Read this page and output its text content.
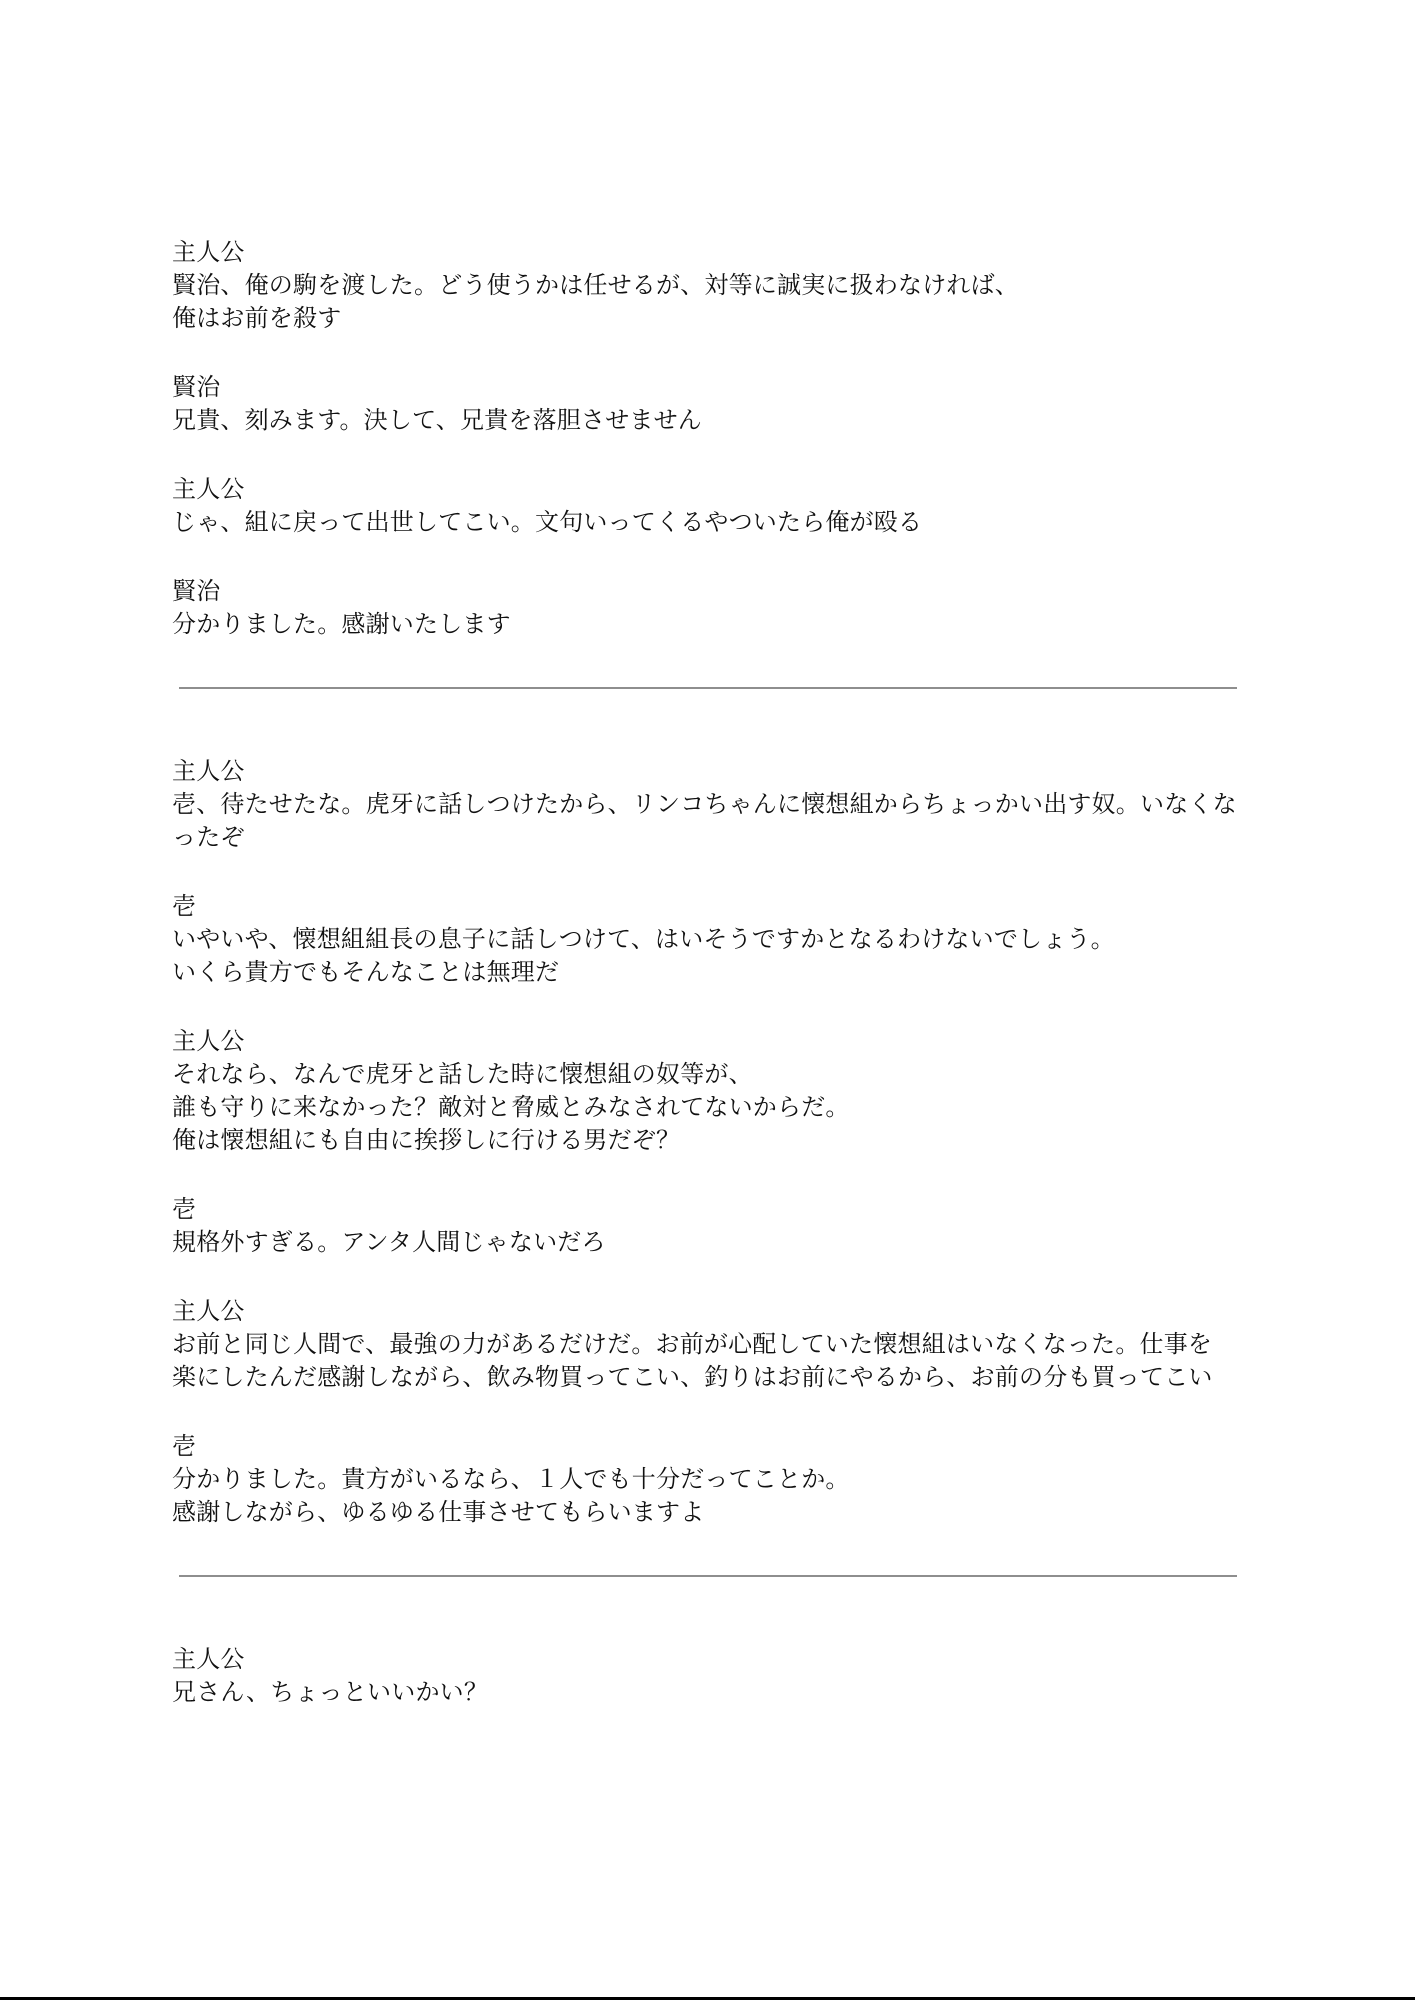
主人公
賢治、俺の駒を渡した。どう使うかは任せるが、対等に誠実に扱わなければ、
俺はお前を殺す
賢治
兄貴、刻みます。決して、兄貴を落胆させません
主人公
じゃ、組に戻って出世してこい。文句いってくるやついたら俺が殴る
賢治
分かりました。感謝いたします
主人公
壱、待たせたな。虎牙に話しつけたから、リンコちゃんに懐想組からちょっかい出す奴。いなくなったぞ
壱
いやいや、懐想組組長の息子に話しつけて、はいそうですかとなるわけないでしょう。
いくら貴方でもそんなことは無理だ
主人公
それなら、なんで虎牙と話した時に懐想組の奴等が、
誰も守りに来なかった？敵対と脅威とみなされてないからだ。
俺は懐想組にも自由に挨拶しに行ける男だぞ？
壱
規格外すぎる。アンタ人間じゃないだろ
主人公
お前と同じ人間で、最強の力があるだけだ。お前が心配していた懐想組はいなくなった。仕事を
楽にしたんだ感謝しながら、飲み物買ってこい、釣りはお前にやるから、お前の分も買ってこい
壱
分かりました。貴方がいるなら、１人でも十分だってことか。
感謝しながら、ゆるゆる仕事させてもらいますよ
主人公
兄さん、ちょっといいかい？
